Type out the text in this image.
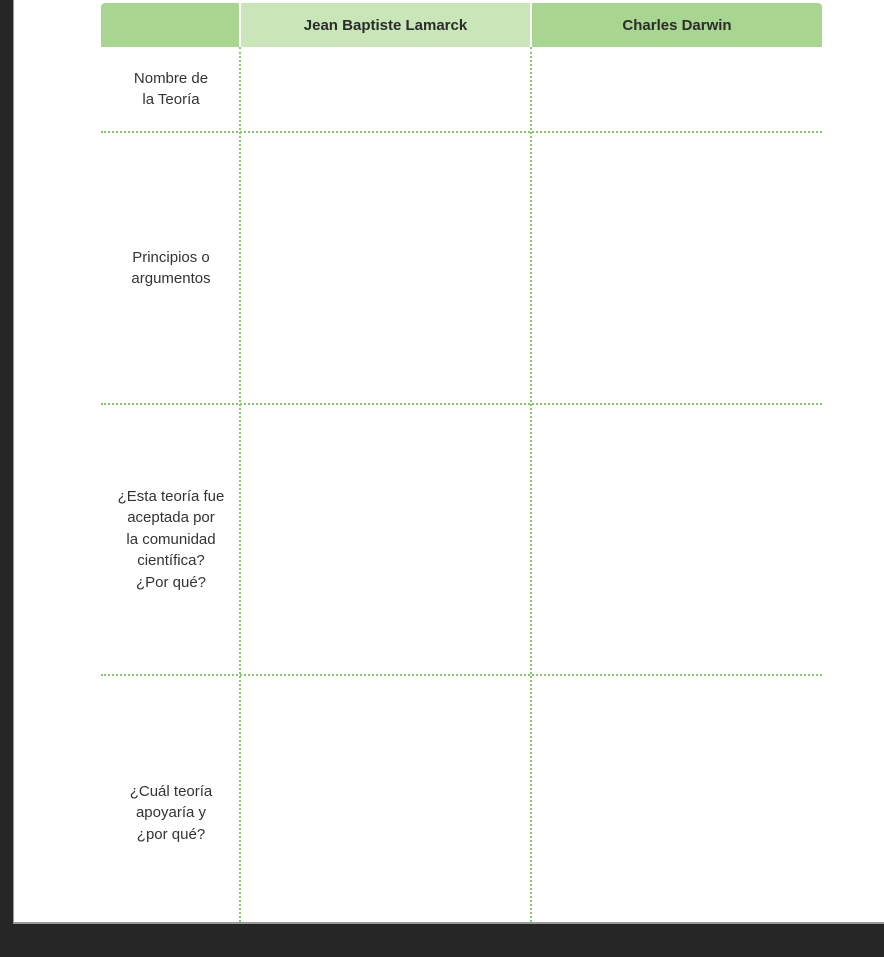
Jean Baptiste Lamarck	Charles Darwin
Nombre de
la Teoría
Principios o
argumentos
¿Esta teoría fue
aceptada por
la comunidad
científica?
¿Por qué?
¿Cuál teoría
apoyaría y
¿por qué?
